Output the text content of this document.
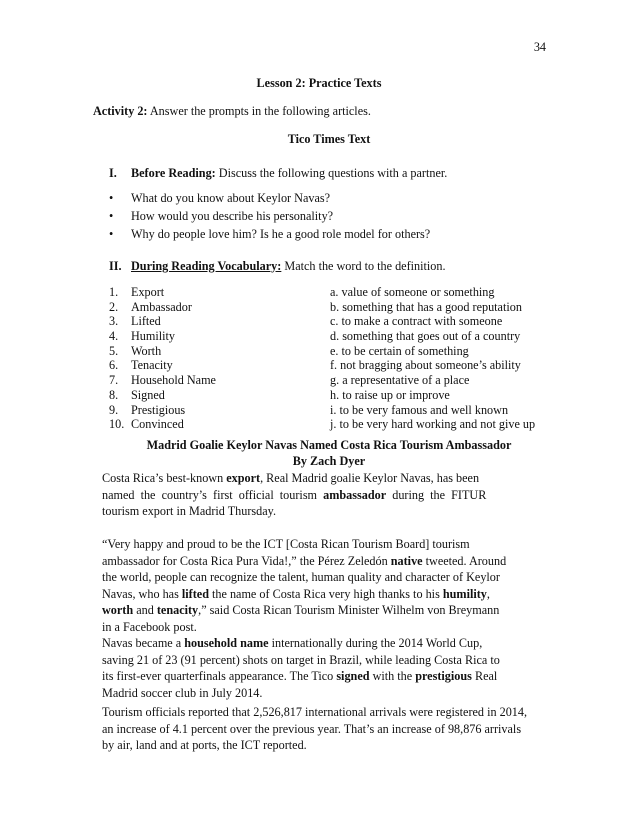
34
Lesson 2: Practice Texts
Activity 2: Answer the prompts in the following articles.
Tico Times Text
I. Before Reading: Discuss the following questions with a partner.
•	What do you know about Keylor Navas?
•	How would you describe his personality?
•	Why do people love him? Is he a good role model for others?
II. During Reading Vocabulary: Match the word to the definition.
1.	Export	a. value of someone or something
2.	Ambassador	b. something that has a good reputation
3.	Lifted	c. to make a contract with someone
4.	Humility	d. something that goes out of a country
5.	Worth	e. to be certain of something
6.	Tenacity	f. not bragging about someone’s ability
7.	Household Name	g. a representative of a place
8.	Signed	h. to raise up or improve
9.	Prestigious	i. to be very famous and well known
10. Convinced	j. to be very hard working and not give up
Madrid Goalie Keylor Navas Named Costa Rica Tourism Ambassador
By Zach Dyer
Costa Rica’s best-known export, Real Madrid goalie Keylor Navas, has been
named  the  country’s  first  official  tourism  ambassador  during  the  FITUR
tourism export in Madrid Thursday.
“Very happy and proud to be the ICT [Costa Rican Tourism Board] tourism
ambassador for Costa Rica Pura Vida!,” the Pérez Zeledón native tweeted. Around
the world, people can recognize the talent, human quality and character of Keylor
Navas, who has lifted the name of Costa Rica very high thanks to his humility,
worth and tenacity,” said Costa Rican Tourism Minister Wilhelm von Breymann
in a Facebook post.
Navas became a household name internationally during the 2014 World Cup,
saving 21 of 23 (91 percent) shots on target in Brazil, while leading Costa Rica to
its first-ever quarterfinals appearance. The Tico signed with the prestigious Real
Madrid soccer club in July 2014.
Tourism officials reported that 2,526,817 international arrivals were registered in 2014,
an increase of 4.1 percent over the previous year. That’s an increase of 98,876 arrivals
by air, land and at ports, the ICT reported.
